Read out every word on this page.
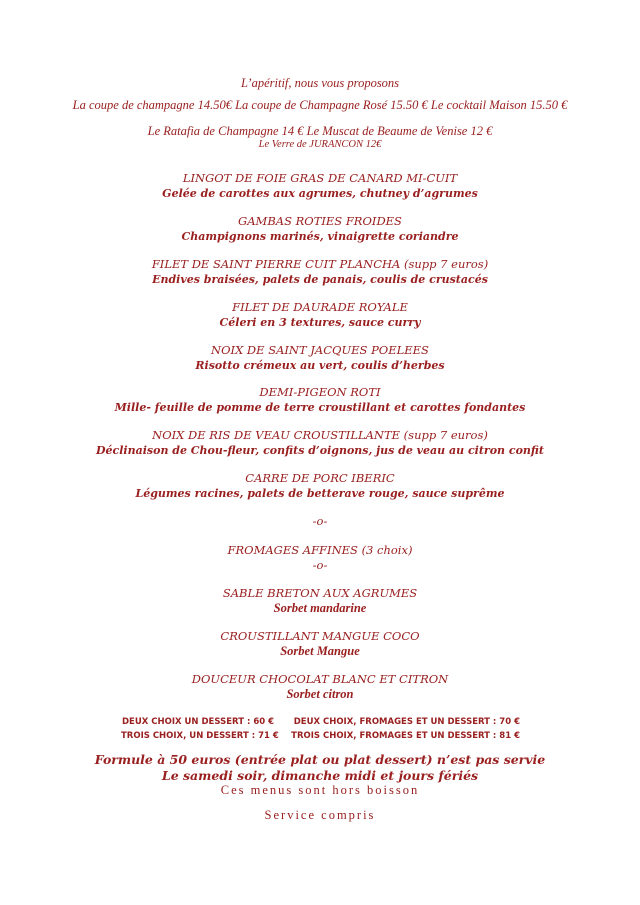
L’apéritif, nous vous proposons
La coupe de champagne 14.50€ La coupe de Champagne Rosé 15.50 € Le cocktail Maison 15.50 €
Le Ratafia de Champagne 14 € Le Muscat de Beaume de Venise 12 €
Le Verre de JURANCON 12€
LINGOT DE FOIE GRAS DE CANARD MI-CUIT
Gelée de carottes aux agrumes, chutney d’agrumes
GAMBAS ROTIES FROIDES
Champignons marinés, vinaigrette coriandre
FILET DE SAINT PIERRE CUIT PLANCHA (supp 7 euros)
Endives braisées, palets de panais, coulis de crustacés
FILET DE DAURADE ROYALE
Céleri en 3 textures, sauce curry
NOIX DE SAINT JACQUES POELEES
Risotto crémeux au vert, coulis d’herbes
DEMI-PIGEON ROTI
Mille- feuille de pomme de terre croustillant et carottes fondantes
NOIX DE RIS DE VEAU CROUSTILLANTE (supp 7 euros)
Déclinaison de Chou-fleur, confits d’oignons, jus de veau au citron confit
CARRE DE PORC IBERIC
Légumes racines, palets de betterave rouge, sauce suprême
-o-
FROMAGES AFFINES (3 choix)
-o-
SABLE BRETON AUX AGRUMES
Sorbet mandarine
CROUSTILLANT MANGUE COCO
Sorbet Mangue
DOUCEUR CHOCOLAT BLANC ET CITRON
Sorbet citron
DEUX CHOIX UN DESSERT : 60 €
TROIS CHOIX, UN DESSERT : 71 €
DEUX CHOIX, FROMAGES ET UN DESSERT : 70 €
TROIS CHOIX, FROMAGES ET UN DESSERT : 81 €
Formule à 50 euros (entrée plat ou plat dessert) n’est pas servie
Le samedi soir, dimanche midi et jours fériés
Ces menus sont hors boisson
Service compris
